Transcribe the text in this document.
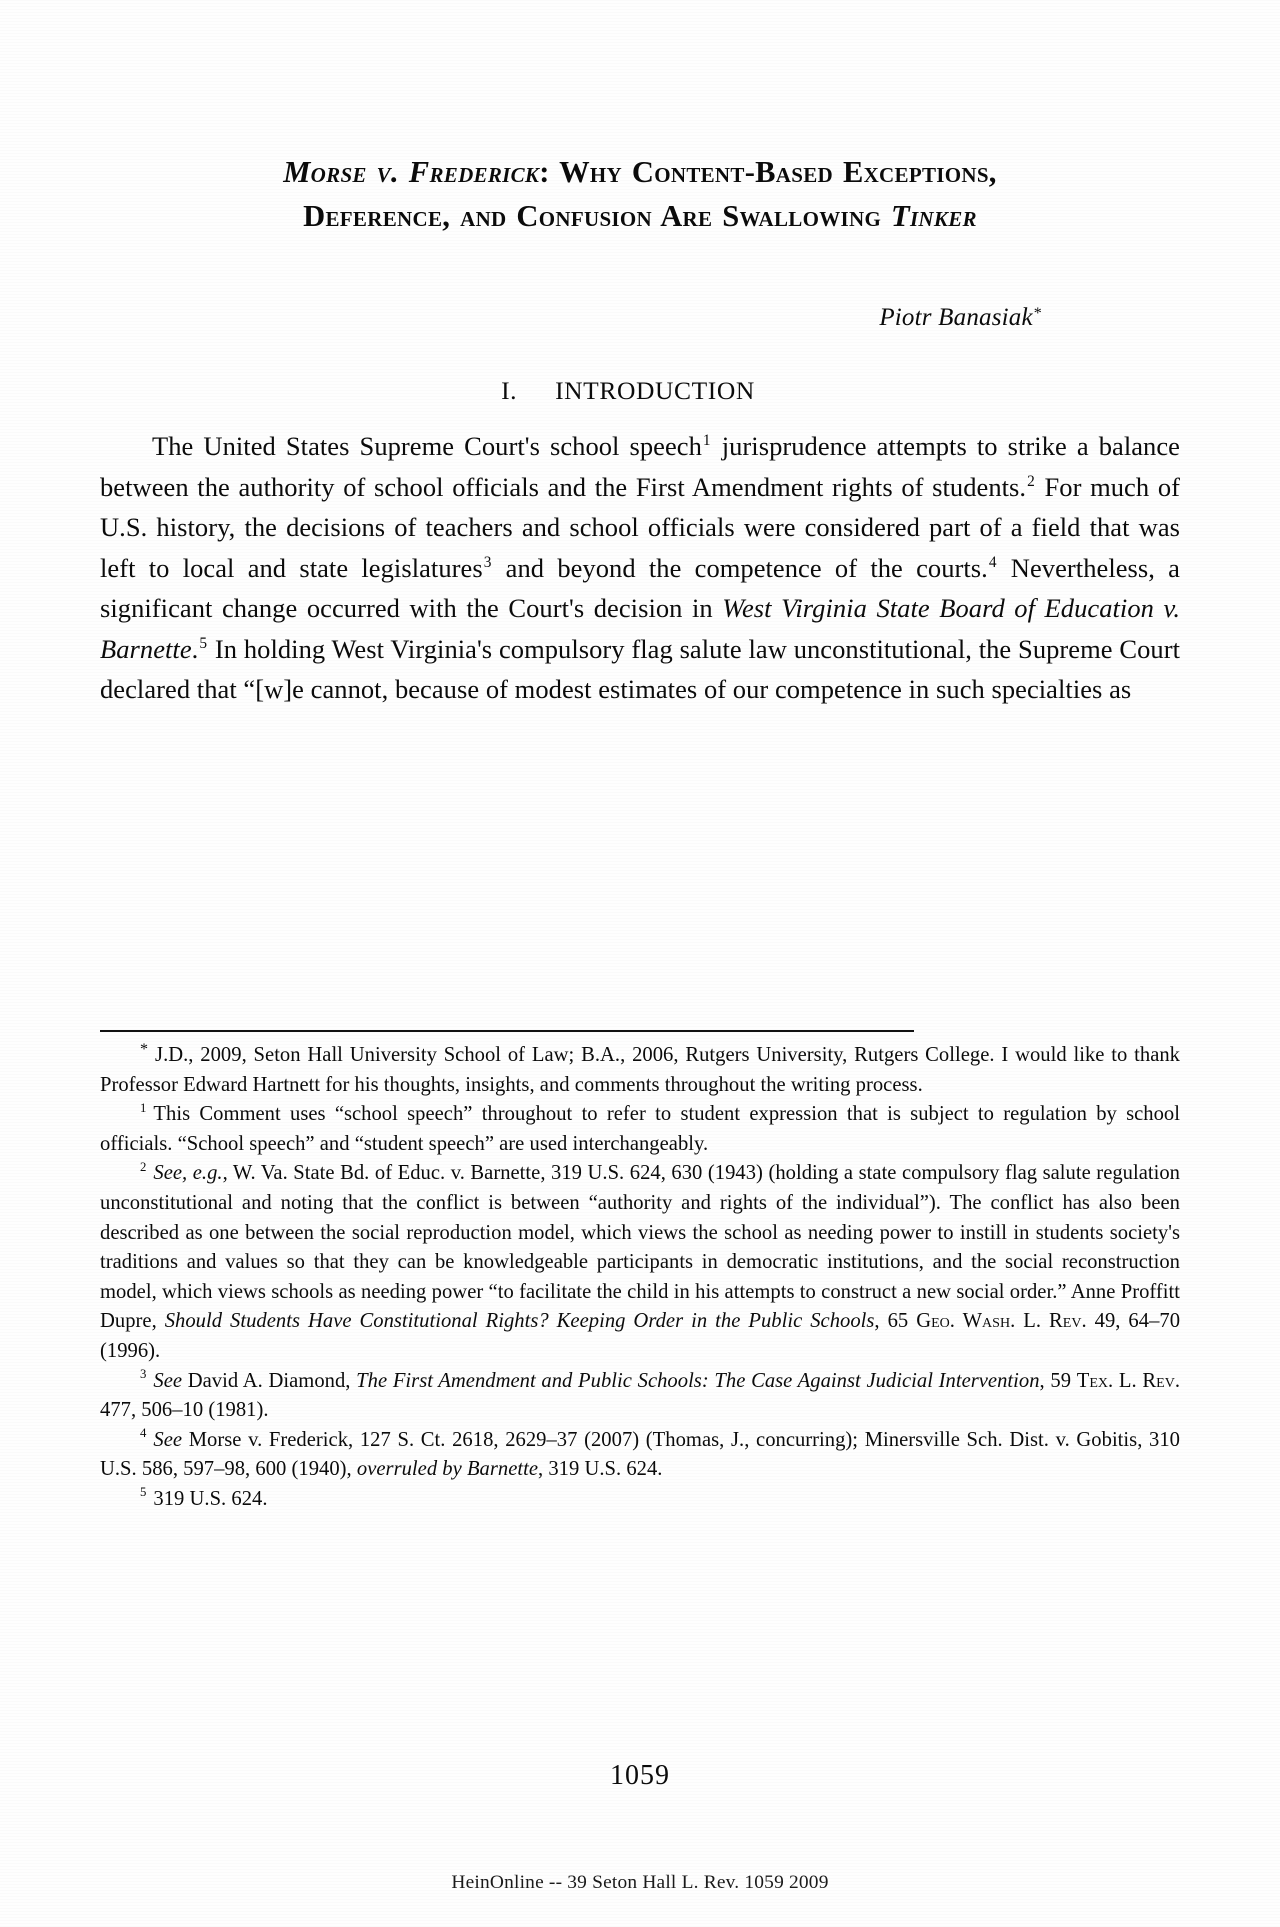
Morse v. Frederick: Why Content-Based Exceptions,
Deference, and Confusion Are Swallowing Tinker
Piotr Banasiak*
I. INTRODUCTION

The United States Supreme Court's school speech$^1$ jurisprudence attempts to strike a balance between the authority of school officials and the First Amendment rights of students.$^2$ For much of U.S. history, the decisions of teachers and school officials were considered part of a field that was left to local and state legislatures$^3$ and beyond the competence of the courts.$^4$ Nevertheless, a significant change occurred with the Court's decision in West Virginia State Board of Education v. Barnette.$^5$ In holding West Virginia's compulsory flag salute law unconstitutional, the Supreme Court declared that “[w]e cannot, because of modest estimates of our competence in such specialties as

* J.D., 2009, Seton Hall University School of Law; B.A., 2006, Rutgers University, Rutgers College. I would like to thank Professor Edward Hartnett for his thoughts, insights, and comments throughout the writing process.

$^1$ This Comment uses “school speech” throughout to refer to student expression that is subject to regulation by school officials. “School speech” and “student speech” are used interchangeably.

$^2$ See, e.g., W. Va. State Bd. of Educ. v. Barnette, 319 U.S. 624, 630 (1943) (holding a state compulsory flag salute regulation unconstitutional and noting that the conflict is between “authority and rights of the individual”). The conflict has also been described as one between the social reproduction model, which views the school as needing power to instill in students society's traditions and values so that they can be knowledgeable participants in democratic institutions, and the social reconstruction model, which views schools as needing power “to facilitate the child in his attempts to construct a new social order.” Anne Proffitt Dupre, Should Students Have Constitutional Rights? Keeping Order in the Public Schools, 65 Geo. Wash. L. Rev. 49, 64–70 (1996).

$^3$ See David A. Diamond, The First Amendment and Public Schools: The Case Against Judicial Intervention, 59 Tex. L. Rev. 477, 506–10 (1981).

$^4$ See Morse v. Frederick, 127 S. Ct. 2618, 2629–37 (2007) (Thomas, J., concurring); Minersville Sch. Dist. v. Gobitis, 310 U.S. 586, 597–98, 600 (1940), overruled by Barnette, 319 U.S. 624.

$^5$ 319 U.S. 624.

1059
HeinOnline -- 39 Seton Hall L. Rev. 1059 2009
